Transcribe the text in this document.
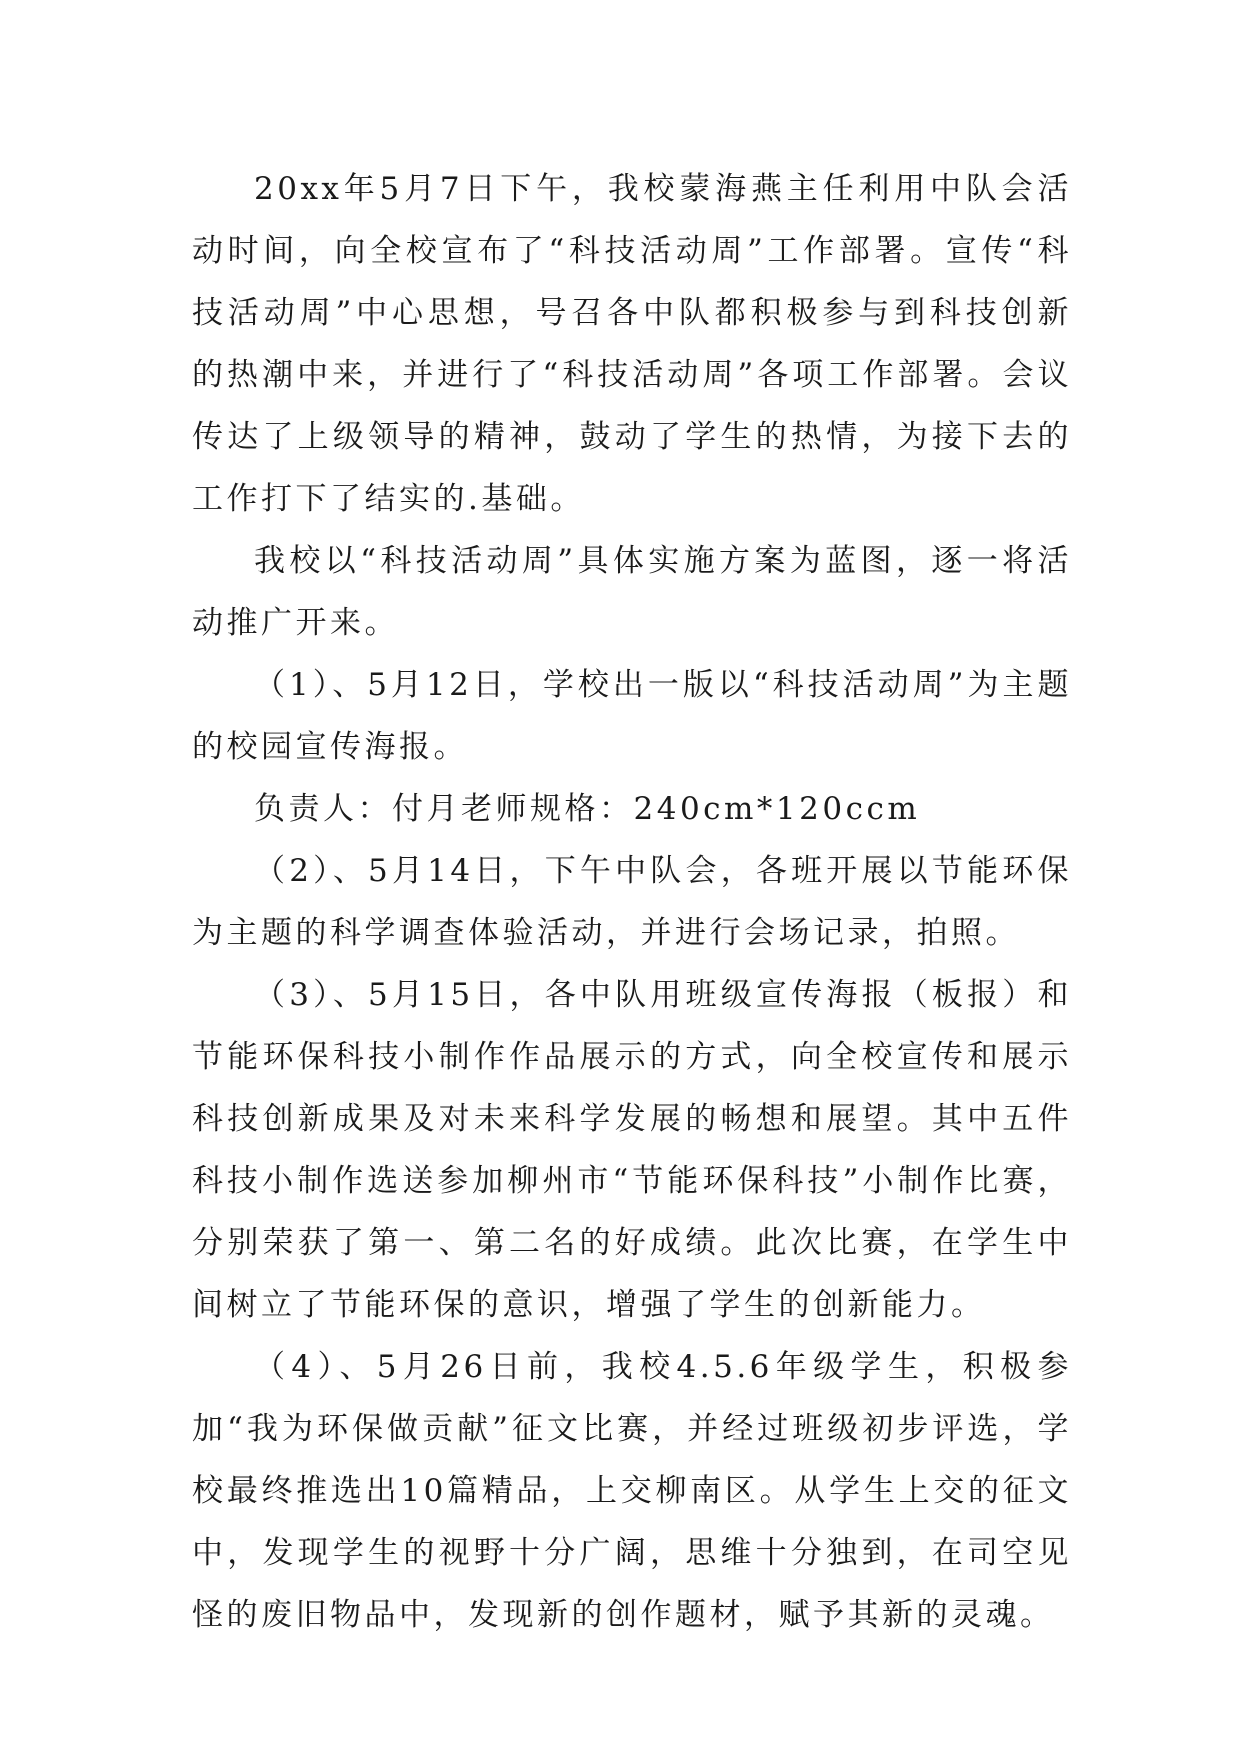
20xx年5月7日下午，我校蒙海燕主任利用中队会活动时间，向全校宣布了“科技活动周”工作部署。宣传“科技活动周”中心思想，号召各中队都积极参与到科技创新的热潮中来，并进行了“科技活动周”各项工作部署。会议传达了上级领导的精神，鼓动了学生的热情，为接下去的工作打下了结实的.基础。

我校以“科技活动周”具体实施方案为蓝图，逐一将活动推广开来。

（1）、5月12日，学校出一版以“科技活动周”为主题的校园宣传海报。

负责人：付月老师规格：240cm*120ccm

（2）、5月14日，下午中队会，各班开展以节能环保为主题的科学调查体验活动，并进行会场记录，拍照。

（3）、5月15日，各中队用班级宣传海报（板报）和节能环保科技小制作作品展示的方式，向全校宣传和展示科技创新成果及对未来科学发展的畅想和展望。其中五件科技小制作选送参加柳州市“节能环保科技”小制作比赛，分别荣获了第一、第二名的好成绩。此次比赛，在学生中间树立了节能环保的意识，增强了学生的创新能力。

（4）、5月26日前，我校4.5.6年级学生，积极参加“我为环保做贡献”征文比赛，并经过班级初步评选，学校最终推选出10篇精品，上交柳南区。从学生上交的征文中，发现学生的视野十分广阔，思维十分独到，在司空见怪的废旧物品中，发现新的创作题材，赋予其新的灵魂。
